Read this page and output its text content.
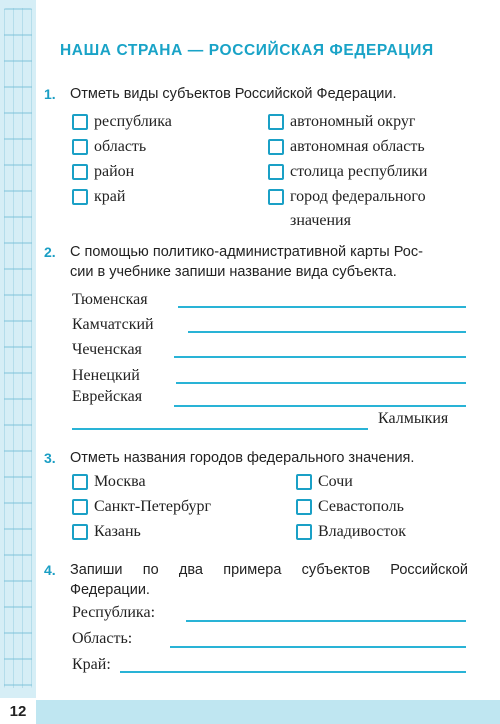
12
НАША СТРАНА — РОССИЙСКАЯ ФЕДЕРАЦИЯ
1. Отметь виды субъектов Российской Федерации.
республика
область
район
край
автономный округ
автономная область
столица республики
город федерального
значения
2. С помощью политико-административной карты Рос-
сии в учебнике запиши название вида субъекта.
Тюменская
Камчатский
Чеченская
Ненецкий
Еврейская
Калмыкия
3. Отметь названия городов федерального значения.
Москва
Санкт-Петербург
Казань
Сочи
Севастополь
Владивосток
4. Запиши по два примера субъектов Российской
Федерации.
Республика:
Область:
Край:
